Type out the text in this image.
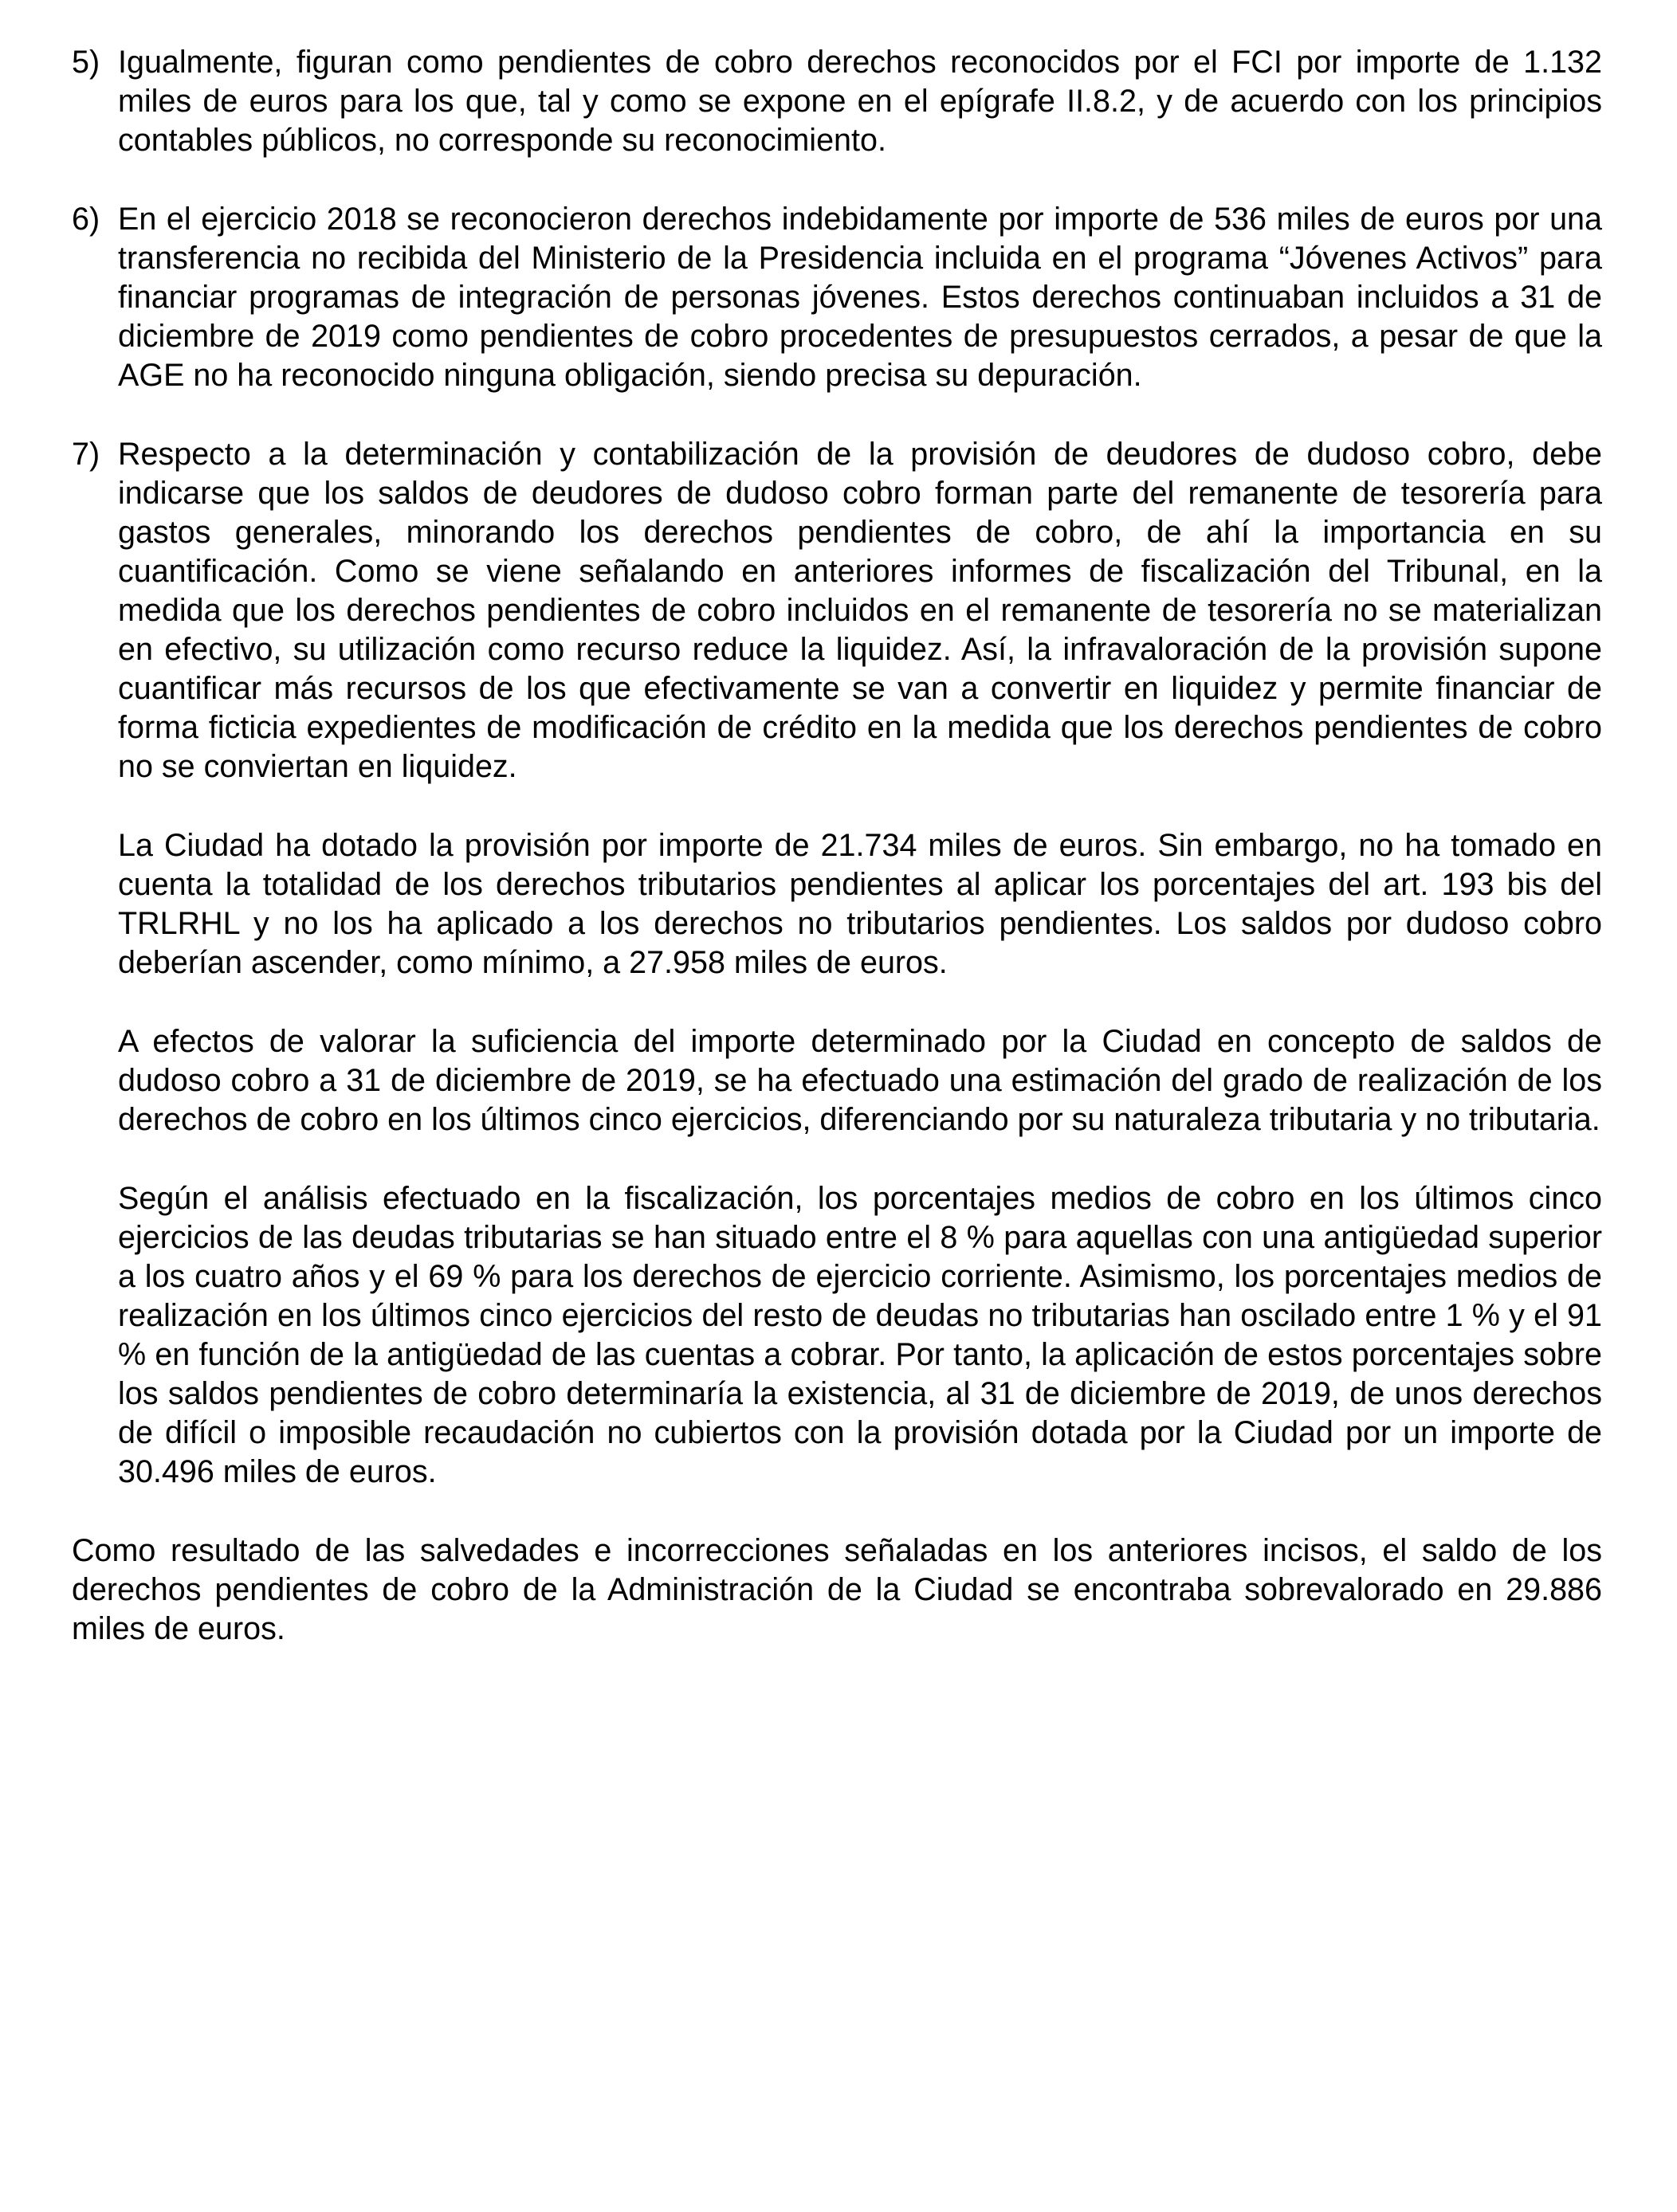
5) Igualmente, figuran como pendientes de cobro derechos reconocidos por el FCI por importe de 1.132 miles de euros para los que, tal y como se expone en el epígrafe II.8.2, y de acuerdo con los principios contables públicos, no corresponde su reconocimiento.

6) En el ejercicio 2018 se reconocieron derechos indebidamente por importe de 536 miles de euros por una transferencia no recibida del Ministerio de la Presidencia incluida en el programa “Jóvenes Activos” para financiar programas de integración de personas jóvenes. Estos derechos continuaban incluidos a 31 de diciembre de 2019 como pendientes de cobro procedentes de presupuestos cerrados, a pesar de que la AGE no ha reconocido ninguna obligación, siendo precisa su depuración.

7) Respecto a la determinación y contabilización de la provisión de deudores de dudoso cobro, debe indicarse que los saldos de deudores de dudoso cobro forman parte del remanente de tesorería para gastos generales, minorando los derechos pendientes de cobro, de ahí la importancia en su cuantificación. Como se viene señalando en anteriores informes de fiscalización del Tribunal, en la medida que los derechos pendientes de cobro incluidos en el remanente de tesorería no se materializan en efectivo, su utilización como recurso reduce la liquidez. Así, la infravaloración de la provisión supone cuantificar más recursos de los que efectivamente se van a convertir en liquidez y permite financiar de forma ficticia expedientes de modificación de crédito en la medida que los derechos pendientes de cobro no se conviertan en liquidez.

La Ciudad ha dotado la provisión por importe de 21.734 miles de euros. Sin embargo, no ha tomado en cuenta la totalidad de los derechos tributarios pendientes al aplicar los porcentajes del art. 193 bis del TRLRHL y no los ha aplicado a los derechos no tributarios pendientes. Los saldos por dudoso cobro deberían ascender, como mínimo, a 27.958 miles de euros.

A efectos de valorar la suficiencia del importe determinado por la Ciudad en concepto de saldos de dudoso cobro a 31 de diciembre de 2019, se ha efectuado una estimación del grado de realización de los derechos de cobro en los últimos cinco ejercicios, diferenciando por su naturaleza tributaria y no tributaria.

Según el análisis efectuado en la fiscalización, los porcentajes medios de cobro en los últimos cinco ejercicios de las deudas tributarias se han situado entre el 8 % para aquellas con una antigüedad superior a los cuatro años y el 69 % para los derechos de ejercicio corriente. Asimismo, los porcentajes medios de realización en los últimos cinco ejercicios del resto de deudas no tributarias han oscilado entre 1 % y el 91 % en función de la antigüedad de las cuentas a cobrar. Por tanto, la aplicación de estos porcentajes sobre los saldos pendientes de cobro determinaría la existencia, al 31 de diciembre de 2019, de unos derechos de difícil o imposible recaudación no cubiertos con la provisión dotada por la Ciudad por un importe de 30.496 miles de euros.

Como resultado de las salvedades e incorrecciones señaladas en los anteriores incisos, el saldo de los derechos pendientes de cobro de la Administración de la Ciudad se encontraba sobrevalorado en 29.886 miles de euros.
